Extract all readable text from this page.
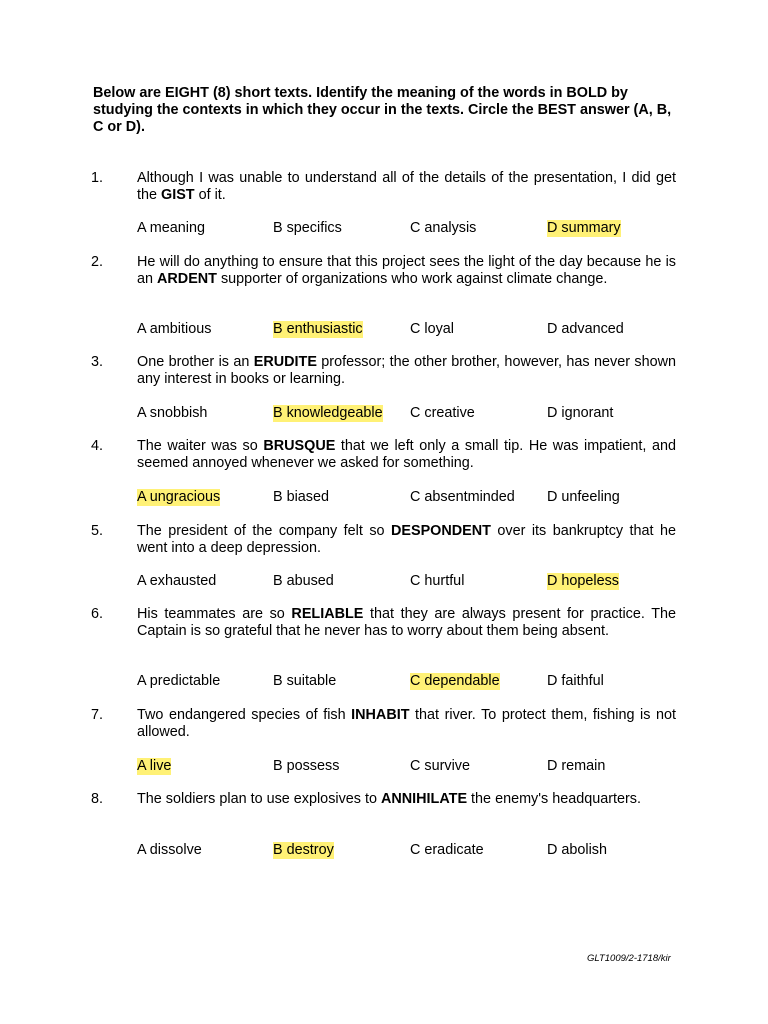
Below are EIGHT (8) short texts. Identify the meaning of the words in BOLD by studying the contexts in which they occur in the texts. Circle the BEST answer (A, B, C or D).
1. Although I was unable to understand all of the details of the presentation, I did get the GIST of it.
A meaning	B specifics	C analysis	D summary
2. He will do anything to ensure that this project sees the light of the day because he is an ARDENT supporter of organizations who work against climate change.
A ambitious	B enthusiastic	C loyal	D advanced
3. One brother is an ERUDITE professor; the other brother, however, has never shown any interest in books or learning.
A snobbish	B knowledgeable C creative	D ignorant
4. The waiter was so BRUSQUE that we left only a small tip. He was impatient, and seemed annoyed whenever we asked for something.
A ungracious	B biased	C absentminded D unfeeling
5. The president of the company felt so DESPONDENT over its bankruptcy that he went into a deep depression.
A exhausted	B abused	C hurtful	D hopeless
6. His teammates are so RELIABLE that they are always present for practice. The Captain is so grateful that he never has to worry about them being absent.
A predictable	B suitable	C dependable	D faithful
7. Two endangered species of fish INHABIT that river. To protect them, fishing is not allowed.
A live	B possess	C survive	D remain
8. The soldiers plan to use explosives to ANNIHILATE the enemy's headquarters.
A dissolve	B destroy	C eradicate	D abolish
GLT1009/2-1718/kir
